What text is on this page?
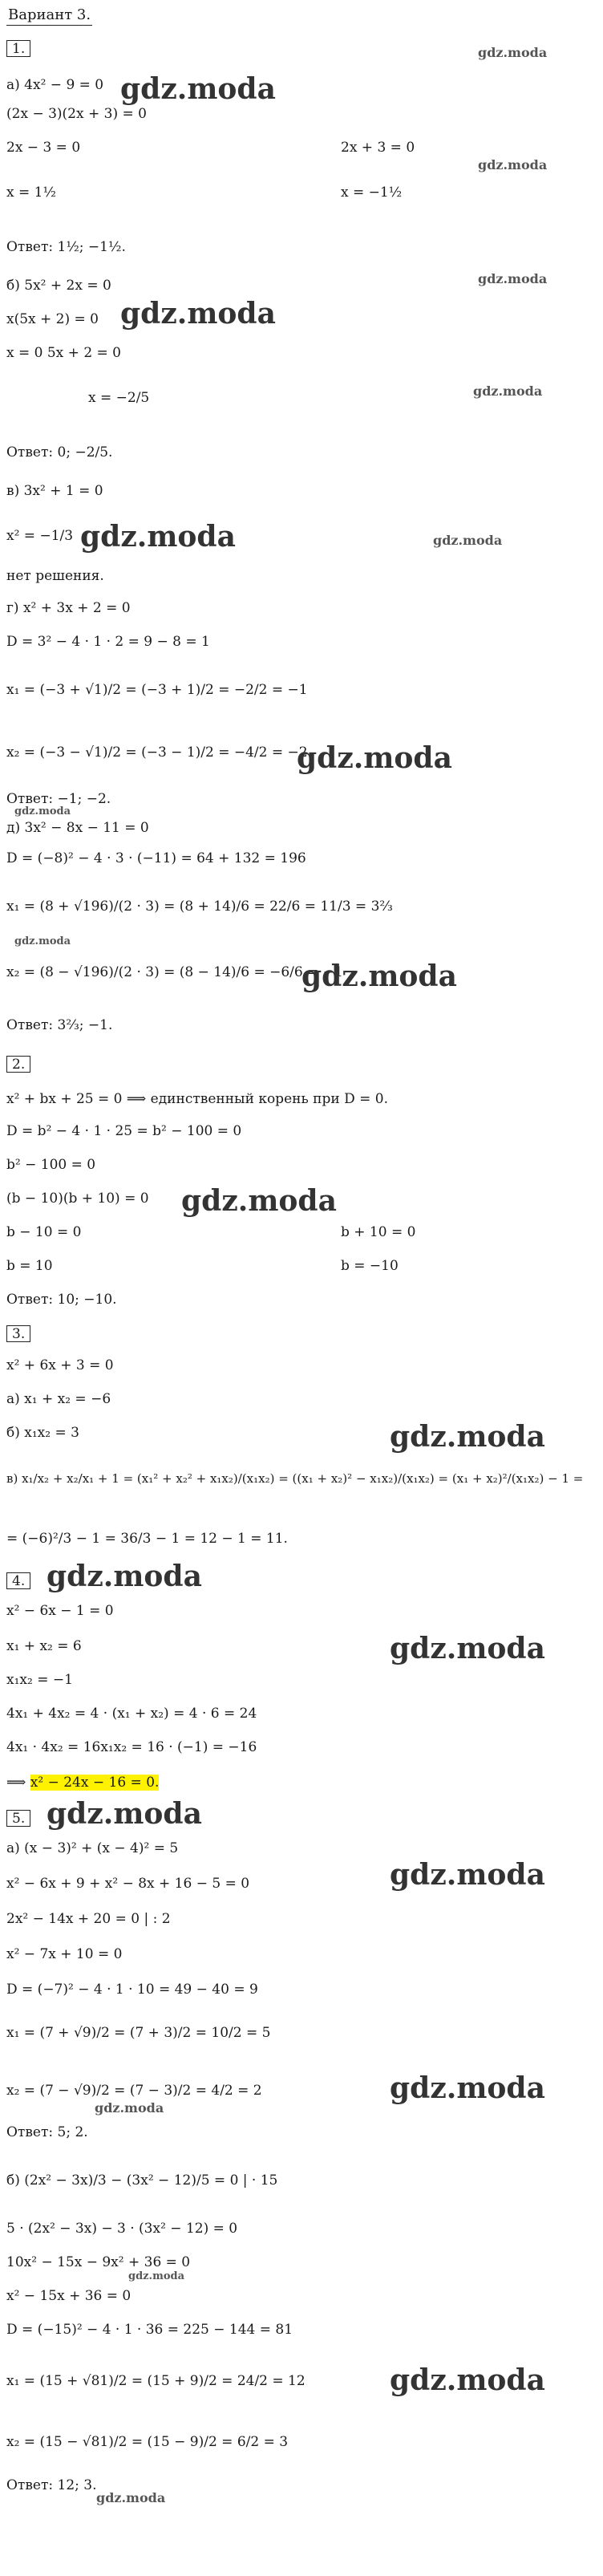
Вариант 3.
1.
а) 4x² − 9 = 0
(2x − 3)(2x + 3) = 0
2x − 3 = 0	2x + 3 = 0
x = 1½	x = −1½
Ответ: 1½; −1½.
б) 5x² + 2x = 0
x(5x + 2) = 0
x = 0 5x + 2 = 0
x = −2/5
Ответ: 0; −2/5.
в) 3x² + 1 = 0
x² = −1/3
нет решения.
г) x² + 3x + 2 = 0
D = 3² − 4 · 1 · 2 = 9 − 8 = 1
x₁ = (−3 + √1)/2 = (−3 + 1)/2 = −2/2 = −1
x₂ = (−3 − √1)/2 = (−3 − 1)/2 = −4/2 = −2
Ответ: −1; −2.
д) 3x² − 8x − 11 = 0
D = (−8)² − 4 · 3 · (−11) = 64 + 132 = 196
x₁ = (8 + √196)/(2 · 3) = (8 + 14)/6 = 22/6 = 11/3 = 3⅔
x₂ = (8 − √196)/(2 · 3) = (8 − 14)/6 = −6/6 = −1
Ответ: 3⅔; −1.
2.
x² + bx + 25 = 0 ⟹ единственный корень при D = 0.
D = b² − 4 · 1 · 25 = b² − 100 = 0
b² − 100 = 0
(b − 10)(b + 10) = 0
b − 10 = 0	b + 10 = 0
b = 10	b = −10
Ответ: 10; −10.
3.
x² + 6x + 3 = 0
а) x₁ + x₂ = −6
б) x₁x₂ = 3
в) x₁/x₂ + x₂/x₁ + 1 = (x₁² + x₂² + x₁x₂)/(x₁x₂) = ((x₁ + x₂)² − x₁x₂)/(x₁x₂) = (x₁ + x₂)²/(x₁x₂) − 1 =
= (−6)²/3 − 1 = 36/3 − 1 = 12 − 1 = 11.
4.
x² − 6x − 1 = 0
x₁ + x₂ = 6
x₁x₂ = −1
4x₁ + 4x₂ = 4 · (x₁ + x₂) = 4 · 6 = 24
4x₁ · 4x₂ = 16x₁x₂ = 16 · (−1) = −16
⟹ x² − 24x − 16 = 0.
5.
а) (x − 3)² + (x − 4)² = 5
x² − 6x + 9 + x² − 8x + 16 − 5 = 0
2x² − 14x + 20 = 0 | : 2
x² − 7x + 10 = 0
D = (−7)² − 4 · 1 · 10 = 49 − 40 = 9
x₁ = (7 + √9)/2 = (7 + 3)/2 = 10/2 = 5
x₂ = (7 − √9)/2 = (7 − 3)/2 = 4/2 = 2
Ответ: 5; 2.
б) (2x² − 3x)/3 − (3x² − 12)/5 = 0 | · 15
5 · (2x² − 3x) − 3 · (3x² − 12) = 0
10x² − 15x − 9x² + 36 = 0
x² − 15x + 36 = 0
D = (−15)² − 4 · 1 · 36 = 225 − 144 = 81
x₁ = (15 + √81)/2 = (15 + 9)/2 = 24/2 = 12
x₂ = (15 − √81)/2 = (15 − 9)/2 = 6/2 = 3
Ответ: 12; 3.
gdz.moda
gdz.moda
gdz.moda
gdz.moda
gdz.moda
gdz.moda
gdz.moda	gdz.moda
gdz.moda
gdz.moda
gdz.moda
gdz.moda
gdz.moda
gdz.moda
gdz.moda
gdz.moda
gdz.moda
gdz.moda
gdz.moda
gdz.moda
gdz.moda
gdz.moda
gdz.moda
